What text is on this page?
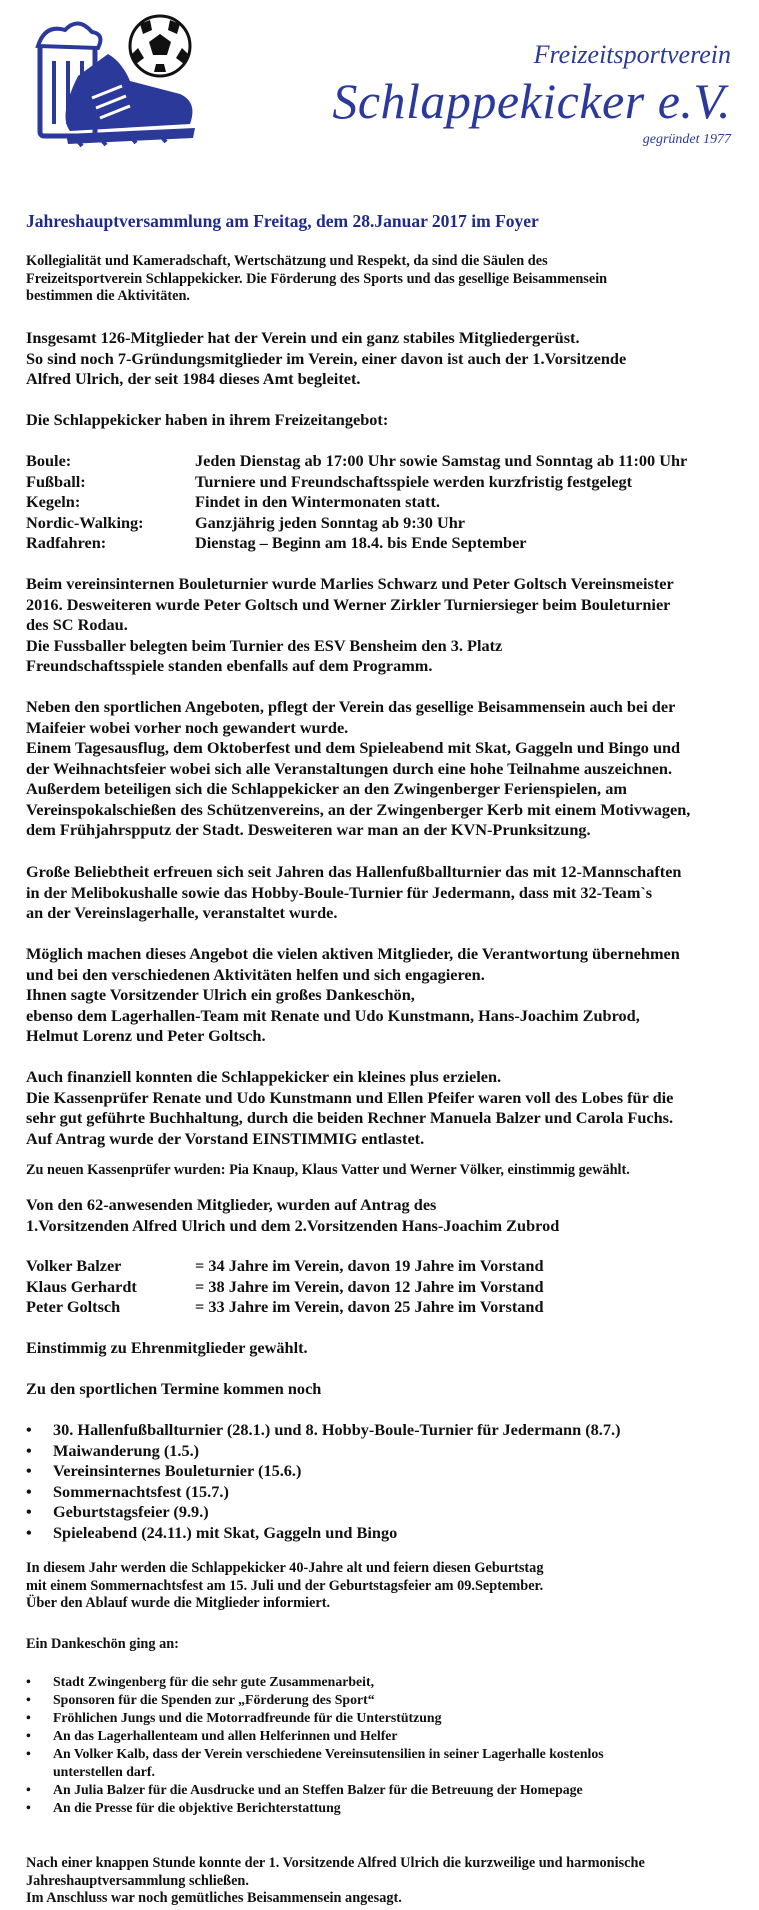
Freizeitsportverein
Schlappekicker e.V.
gegründet 1977
Jahreshauptversammlung am Freitag, dem 28.Januar 2017 im Foyer
Kollegialität und Kameradschaft, Wertschätzung und Respekt, da sind die Säulen des
Freizeitsportverein Schlappekicker. Die Förderung des Sports und das gesellige Beisammensein
bestimmen die Aktivitäten.
Insgesamt 126-Mitglieder hat der Verein und ein ganz stabiles Mitgliedergerüst.
So sind noch 7-Gründungsmitglieder im Verein, einer davon ist auch der 1.Vorsitzende
Alfred Ulrich, der seit 1984 dieses Amt begleitet.
Die Schlappekicker haben in ihrem Freizeitangebot:
Boule:	Jeden Dienstag ab 17:00 Uhr sowie Samstag und Sonntag ab 11:00 Uhr
Fußball:	Turniere und Freundschaftsspiele werden kurzfristig festgelegt
Kegeln:	Findet in den Wintermonaten statt.
Nordic-Walking:	Ganzjährig jeden Sonntag ab 9:30 Uhr
Radfahren:	Dienstag – Beginn am 18.4. bis Ende September
Beim vereinsinternen Bouleturnier wurde Marlies Schwarz und Peter Goltsch Vereinsmeister
2016. Desweiteren wurde Peter Goltsch und Werner Zirkler Turniersieger beim Bouleturnier
des SC Rodau.
Die Fussballer belegten beim Turnier des ESV Bensheim den 3. Platz
Freundschaftsspiele standen ebenfalls auf dem Programm.
Neben den sportlichen Angeboten, pflegt der Verein das gesellige Beisammensein auch bei der
Maifeier wobei vorher noch gewandert wurde.
Einem Tagesausflug, dem Oktoberfest und dem Spieleabend mit Skat, Gaggeln und Bingo und
der Weihnachtsfeier wobei sich alle Veranstaltungen durch eine hohe Teilnahme auszeichnen.
Außerdem beteiligen sich die Schlappekicker an den Zwingenberger Ferienspielen, am
Vereinspokalschießen des Schützenvereins, an der Zwingenberger Kerb mit einem Motivwagen,
dem Frühjahrspputz der Stadt. Desweiteren war man an der KVN-Prunksitzung.
Große Beliebtheit erfreuen sich seit Jahren das Hallenfußballturnier das mit 12-Mannschaften
in der Melibokushalle sowie das Hobby-Boule-Turnier für Jedermann, dass mit 32-Team`s
an der Vereinslagerhalle, veranstaltet wurde.
Möglich machen dieses Angebot die vielen aktiven Mitglieder, die Verantwortung übernehmen
und bei den verschiedenen Aktivitäten helfen und sich engagieren.
Ihnen sagte Vorsitzender Ulrich ein großes Dankeschön,
ebenso dem Lagerhallen-Team mit Renate und Udo Kunstmann, Hans-Joachim Zubrod,
Helmut Lorenz und Peter Goltsch.
Auch finanziell konnten die Schlappekicker ein kleines plus erzielen.
Die Kassenprüfer Renate und Udo Kunstmann und Ellen Pfeifer waren voll des Lobes für die
sehr gut geführte Buchhaltung, durch die beiden Rechner Manuela Balzer und Carola Fuchs.
Auf Antrag wurde der Vorstand EINSTIMMIG entlastet.
Zu neuen Kassenprüfer wurden: Pia Knaup, Klaus Vatter und Werner Völker, einstimmig gewählt.
Von den 62-anwesenden Mitglieder, wurden auf Antrag des
1.Vorsitzenden Alfred Ulrich und dem 2.Vorsitzenden Hans-Joachim Zubrod
Volker Balzer	= 34 Jahre im Verein, davon 19 Jahre im Vorstand
Klaus Gerhardt	= 38 Jahre im Verein, davon 12 Jahre im Vorstand
Peter Goltsch	= 33 Jahre im Verein, davon 25 Jahre im Vorstand
Einstimmig zu Ehrenmitglieder gewählt.
Zu den sportlichen Termine kommen noch
• 30. Hallenfußballturnier (28.1.) und 8. Hobby-Boule-Turnier für Jedermann (8.7.)
• Maiwanderung (1.5.)
• Vereinsinternes Bouleturnier (15.6.)
• Sommernachtsfest (15.7.)
• Geburtstagsfeier (9.9.)
• Spieleabend (24.11.) mit Skat, Gaggeln und Bingo
In diesem Jahr werden die Schlappekicker 40-Jahre alt und feiern diesen Geburtstag
mit einem Sommernachtsfest am 15. Juli und der Geburtstagsfeier am 09.September.
Über den Ablauf wurde die Mitglieder informiert.
Ein Dankeschön ging an:
• Stadt Zwingenberg für die sehr gute Zusammenarbeit,
• Sponsoren für die Spenden zur „Förderung des Sport“
• Fröhlichen Jungs und die Motorradfreunde für die Unterstützung
• An das Lagerhallenteam und allen Helferinnen und Helfer
• An Volker Kalb, dass der Verein verschiedene Vereinsutensilien in seiner Lagerhalle kostenlos
unterstellen darf.
• An Julia Balzer für die Ausdrucke und an Steffen Balzer für die Betreuung der Homepage
• An die Presse für die objektive Berichterstattung
Nach einer knappen Stunde konnte der 1. Vorsitzende Alfred Ulrich die kurzweilige und harmonische
Jahreshauptversammlung schließen.
Im Anschluss war noch gemütliches Beisammensein angesagt.
